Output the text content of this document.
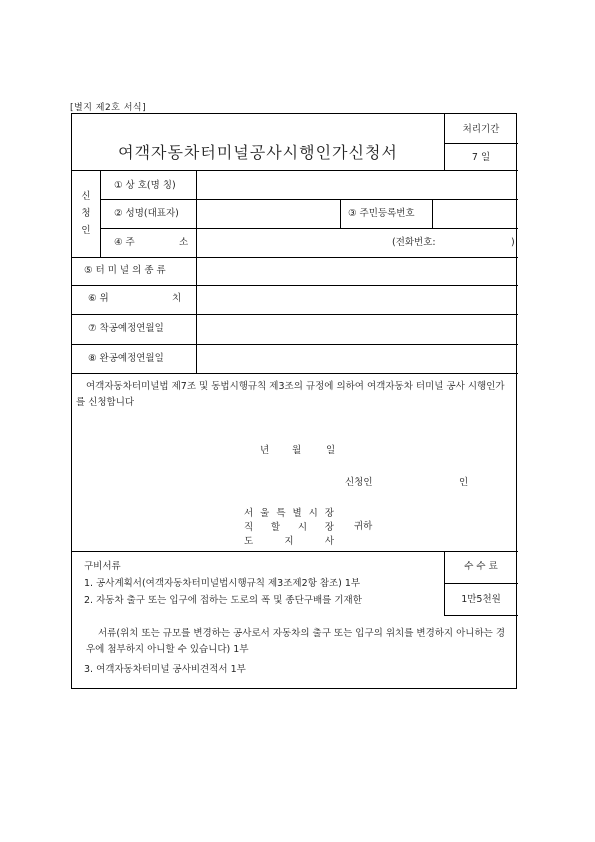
[별지 제2호 서식]
여객자동차터미널공사시행인가신청서
처리기간
7 일
신
청
인
① 상 호(명 칭)
② 성명(대표자)	③ 주민등록번호
④ 주	소	(전화번호:	)
⑤ 터 미 널 의 종 류
⑥ 위	치
⑦ 착공예정연월일
⑧ 완공예정연월일
여객자동차터미널법 제7조 및 동법시행규칙 제3조의 규정에 의하여 여객자동차 터미널 공사 시행인가를 신청합니다
년 월	일
신청인	인
서 울 특 별 시 장
직 할 시 장
도 지 사
귀하
구비서류
1. 공사계획서(여객자동차터미널법시행규칙 제3조제2항 참조) 1부
2. 자동차 출구 또는 입구에 접하는 도로의 폭 및 종단구배를 기재한
수 수 료
1만5천원
서류(위치 또는 규모를 변경하는 공사로서 자동차의 출구 또는 입구의 위치를 변경하지 아니하는 경우에 첨부하지 아니할 수 있습니다) 1부
3. 여객자동차터미널 공사비견적서 1부
